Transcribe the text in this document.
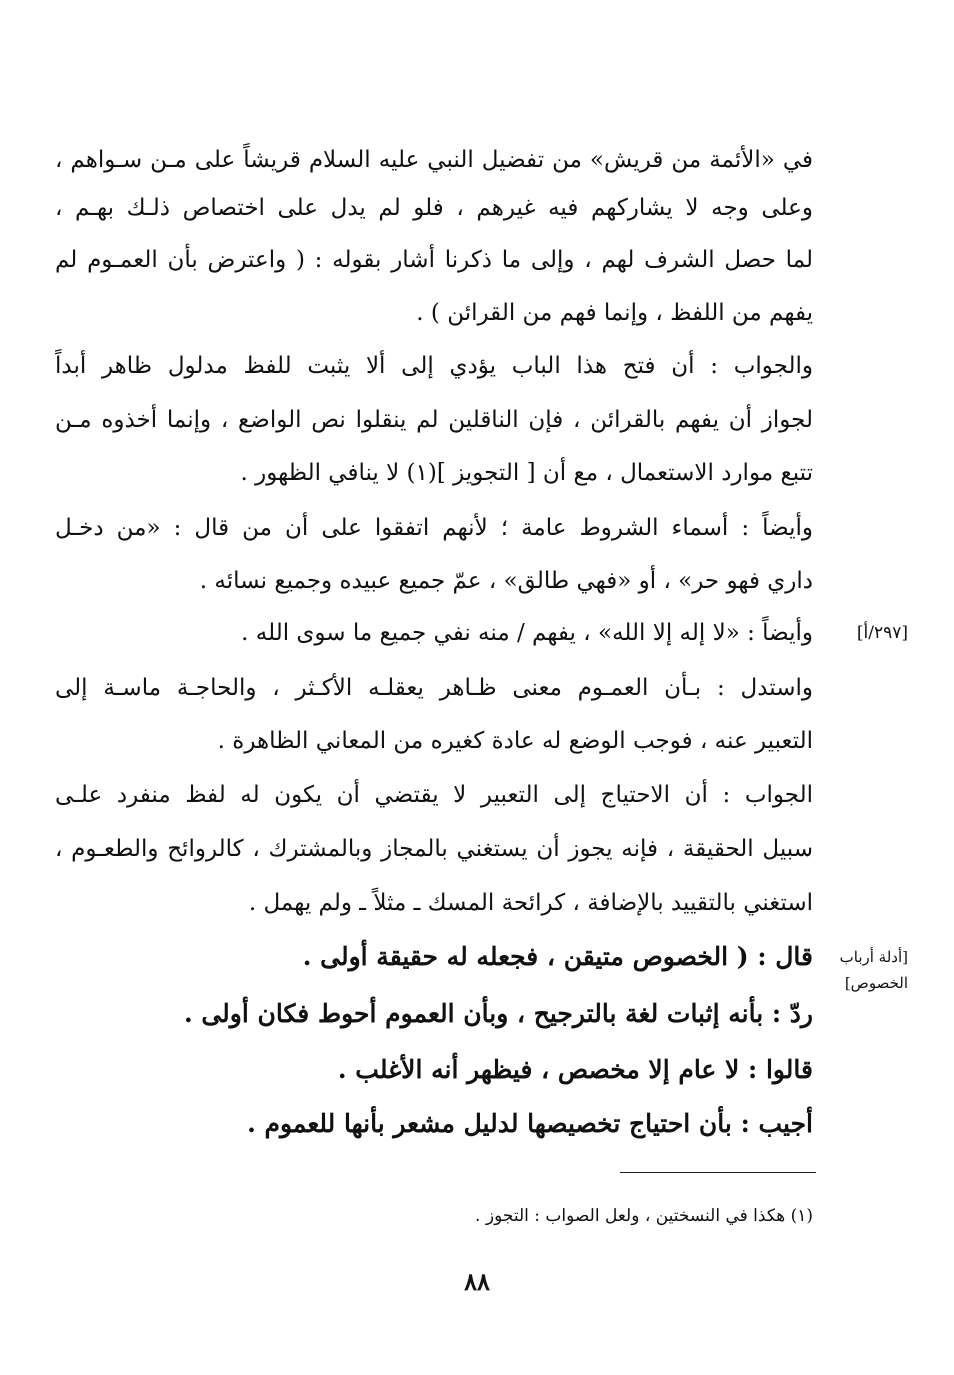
في «الأئمة من قريش» من تفضيل النبي عليه السلام قريشاً على مـن سـواهم ،
وعلى وجه لا يشاركهم فيه غيرهم ، فلو لم يدل على اختصاص ذلـك بهـم ،
لما حصل الشرف لهم ، وإلى ما ذكرنا أشار بقوله : ( واعترض بأن العمـوم لم
يفهم من اللفظ ، وإنما فهم من القرائن ) .
والجواب : أن فتح هذا الباب يؤدي إلى ألا يثبت للفظ مدلول ظاهر أبداً
لجواز أن يفهم بالقرائن ، فإن الناقلين لم ينقلوا نص الواضع ، وإنما أخذوه مـن
تتبع موارد الاستعمال ، مع أن [ التجويز ](١) لا ينافي الظهور .
وأيضاً : أسماء الشروط عامة ؛ لأنهم اتفقوا على أن من قال : «من دخـل
داري فهو حر» ، أو «فهي طالق» ، عمّ جميع عبيده وجميع نسائه .
وأيضاً : «لا إله إلا الله» ، يفهم / منه نفي جميع ما سوى الله .
واستدل : بـأن العمـوم معنى ظـاهر يعقلـه الأكـثر ، والحاجـة ماسـة إلى
التعبير عنه ، فوجب الوضع له عادة كغيره من المعاني الظاهرة .
الجواب : أن الاحتياج إلى التعبير لا يقتضي أن يكون له لفظ منفرد علـى
سبيل الحقيقة ، فإنه يجوز أن يستغني بالمجاز وبالمشترك ، كالروائح والطعـوم ،
استغني بالتقييد بالإضافة ، كرائحة المسك ـ مثلاً ـ ولم يهمل .
قال : ( الخصوص متيقن ، فجعله له حقيقة أولى .
ردّ : بأنه إثبات لغة بالترجيح ، وبأن العموم أحوط فكان أولى .
قالوا : لا عام إلا مخصص ، فيظهر أنه الأغلب .
أجيب : بأن احتياج تخصيصها لدليل مشعر بأنها للعموم .
[٢٩٧/أ]
[أدلة أرباب الخصوص]
(١) هكذا في النسختين ، ولعل الصواب : التجوز .
٨٨
